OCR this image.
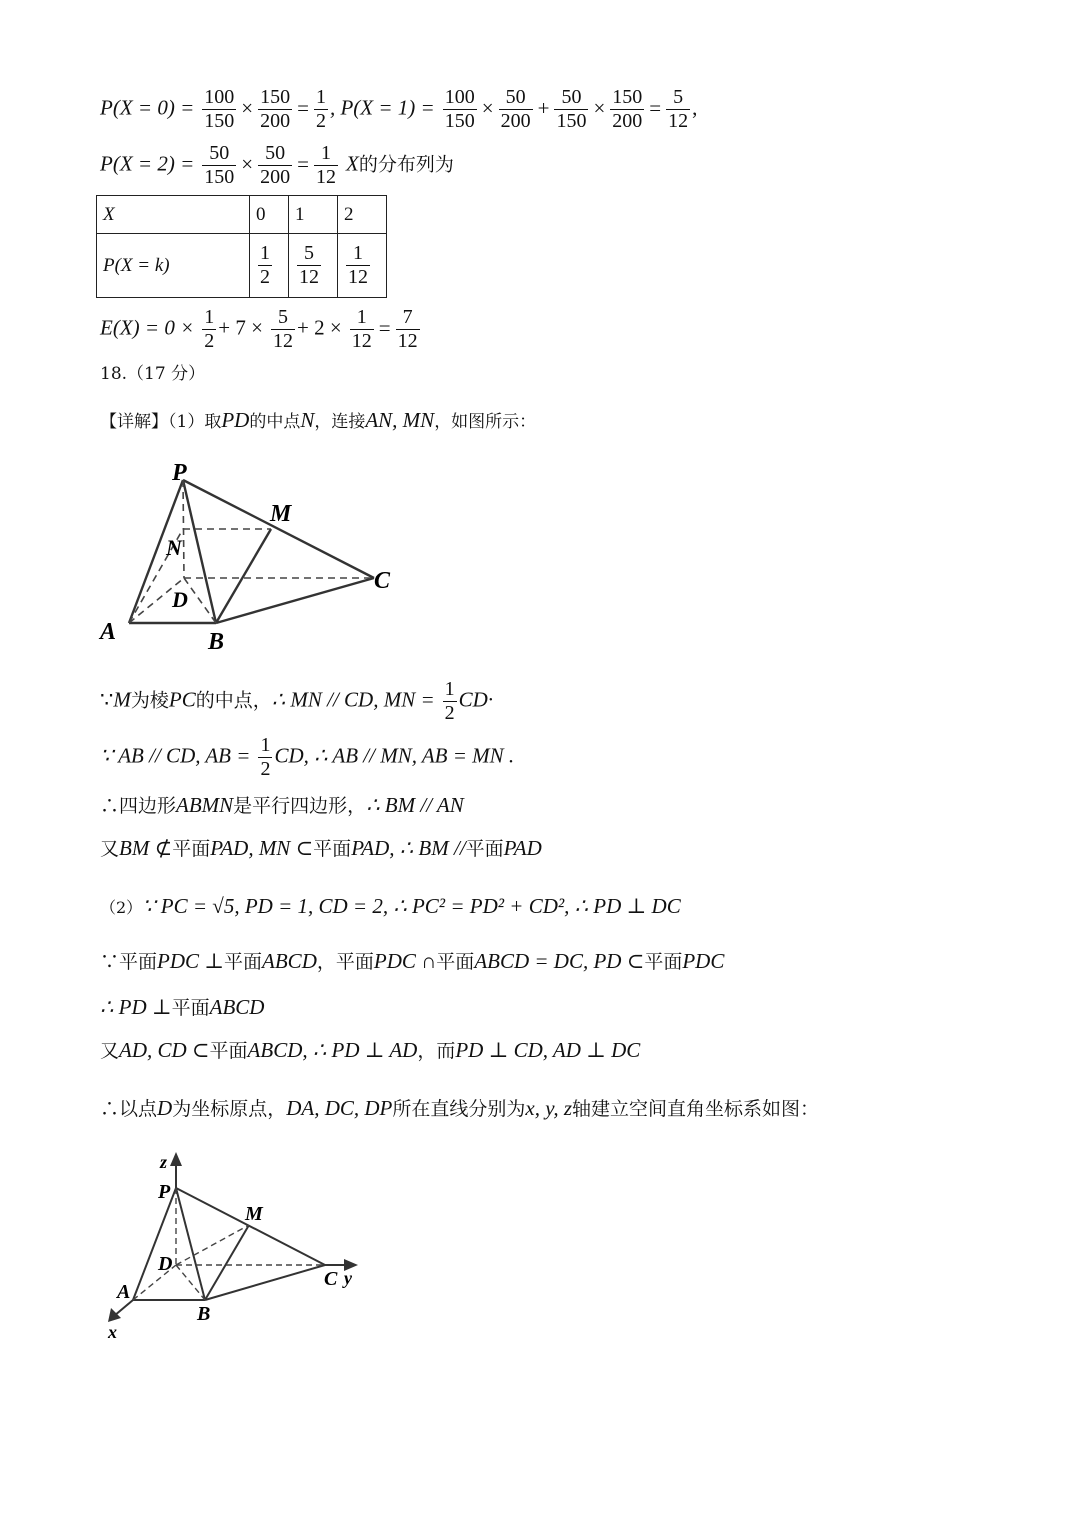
$P(X = 0) = \frac{100}{150} \times \frac{150}{200} = \frac{1}{2}$ , $P(X = 1) = \frac{100}{150} \times \frac{50}{200} + \frac{50}{150} \times \frac{150}{200} = \frac{5}{12}$ ,
$P(X = 2) = \frac{50}{150} \times \frac{50}{200} = \frac{1}{12}$ X的分布列为
X	0	1	2
P(X = k)	$\frac{1}{2}$	$\frac{5}{12}$	$\frac{1}{12}$
$E(X) = 0 \times \frac{1}{2} + 7 \times \frac{5}{12} + 2 \times \frac{1}{12} = \frac{7}{12}$
18.（17 分）
【详解】（1）取PD的中点N，连接AN, MN，如图所示：
P
M
N
D
C
A	B
∵M为棱PC的中点，∴ MN // CD, MN = $\frac{1}{2} CD\cdot$
∵ AB // CD, AB = $\frac{1}{2}$ CD, ∴ AB // MN, AB = MN .
∴四边形ABMN是平行四边形，∴ BM // AN
又BM ⊄平面PAD, MN ⊂平面PAD, ∴ BM //平面PAD
（2）∵ PC = √5, PD = 1, CD = 2, ∴ PC² = PD² + CD², ∴ PD ⊥ DC
∵平面PDC ⊥平面ABCD，平面PDC ∩平面ABCD = DC, PD ⊂平面PDC
∴ PD ⊥平面ABCD
又AD, CD ⊂平面ABCD, ∴ PD ⊥ AD，而PD ⊥ CD, AD ⊥ DC
∴以点D为坐标原点，DA, DC, DP所在直线分别为x, y, z轴建立空间直角坐标系如图：
z
P
M
D
C y
A
B
x
